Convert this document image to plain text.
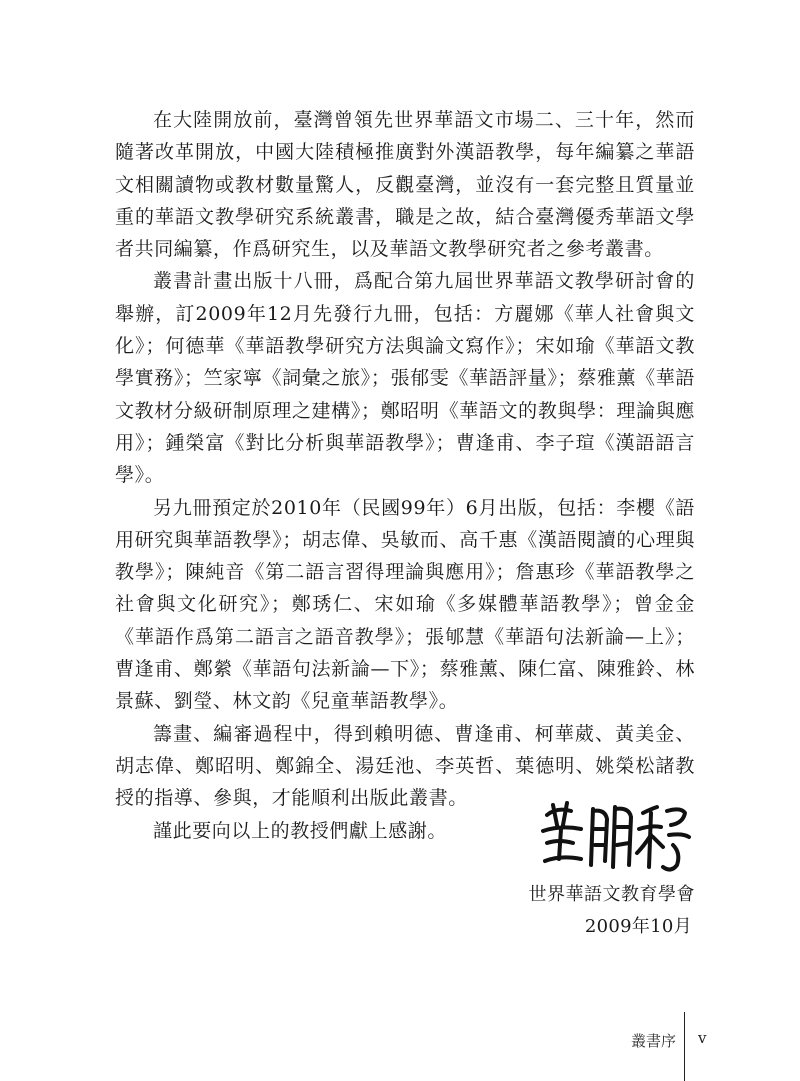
在大陸開放前，臺灣曾領先世界華語文市場二、三十年，然而隨著改革開放，中國大陸積極推廣對外漢語教學，每年編纂之華語文相關讀物或教材數量驚人，反觀臺灣，並沒有一套完整且質量並重的華語文教學研究系統叢書，職是之故，結合臺灣優秀華語文學者共同編纂，作爲研究生，以及華語文教學研究者之參考叢書。

叢書計畫出版十八冊，爲配合第九屆世界華語文教學研討會的舉辦，訂2009年12月先發行九冊，包括：方麗娜《華人社會與文化》；何德華《華語教學研究方法與論文寫作》；宋如瑜《華語文教學實務》；竺家寧《詞彙之旅》；張郁雯《華語評量》；蔡雅薰《華語文教材分級研制原理之建構》；鄭昭明《華語文的教與學：理論與應用》；鍾榮富《對比分析與華語教學》；曹逢甫、李子瑄《漢語語言學》。

另九冊預定於2010年（民國99年）6月出版，包括：李櫻《語用研究與華語教學》；胡志偉、吳敏而、高千惠《漢語閱讀的心理與教學》；陳純音《第二語言習得理論與應用》；詹惠珍《華語教學之社會與文化研究》；鄭琇仁、宋如瑜《多媒體華語教學》；曾金金《華語作爲第二語言之語音教學》；張郇慧《華語句法新論—上》；曹逢甫、鄭縈《華語句法新論—下》；蔡雅薰、陳仁富、陳雅鈴、林景蘇、劉瑩、林文韵《兒童華語教學》。

籌畫、編審過程中，得到賴明德、曹逢甫、柯華葳、黃美金、胡志偉、鄭昭明、鄭錦全、湯廷池、李英哲、葉德明、姚榮松諸教授的指導、參與，才能順利出版此叢書。

謹此要向以上的教授們獻上感謝。

世界華語文教育學會
2009年10月
叢書序 v
